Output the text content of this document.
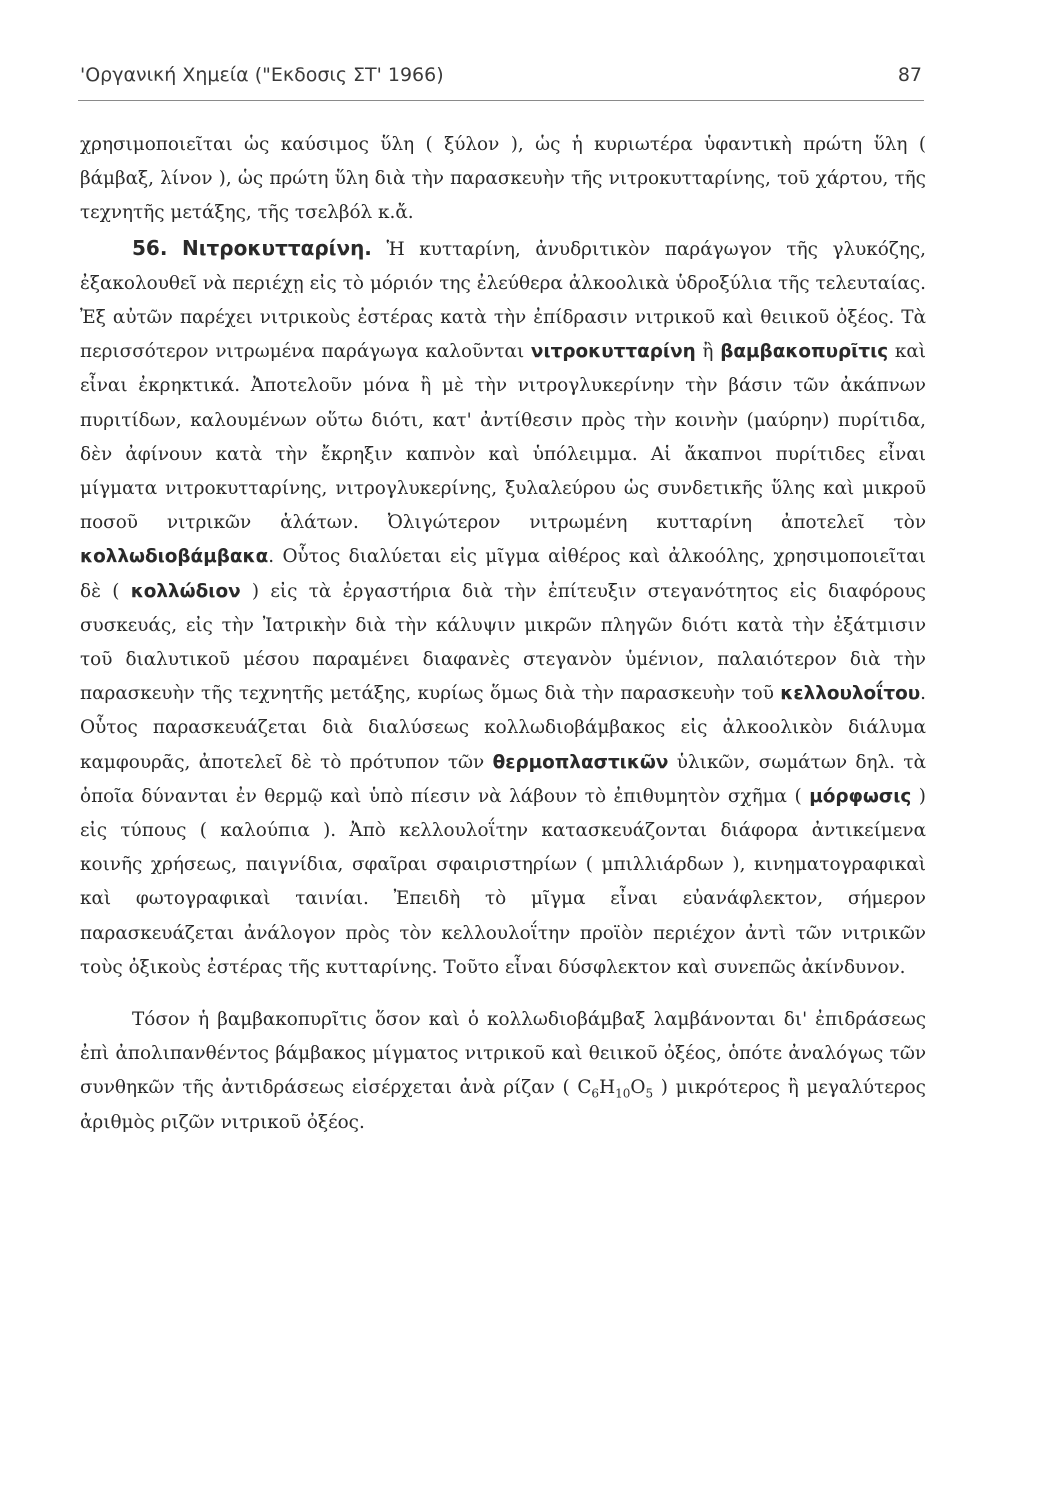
'Οργανική Χημεία ("Εκδοσις ΣΤ' 1966)	87

χρησιμοποιεῖται ὡς καύσιμος ὕλη ( ξύλον ), ὡς ἡ κυριωτέρα ὑφαντικὴ πρώτη ὕλη ( βάμβαξ, λίνον ), ὡς πρώτη ὕλη διὰ τὴν παρασκευὴν τῆς νιτροκυτταρίνης, τοῦ χάρτου, τῆς τεχνητῆς μετάξης, τῆς τσελβόλ κ.ἄ.

56. Νιτροκυτταρίνη. Ἡ κυτταρίνη, ἀνυδριτικὸν παράγωγον τῆς γλυκόζης, ἐξακολουθεῖ νὰ περιέχῃ εἰς τὸ μόριόν της ἐλεύθερα ἀλκοολικὰ ὑδροξύλια τῆς τελευταίας. Ἐξ αὐτῶν παρέχει νιτρικοὺς ἐστέρας κατὰ τὴν ἐπίδρασιν νιτρικοῦ καὶ θειικοῦ ὀξέος. Τὰ περισσότερον νιτρωμένα παράγωγα καλοῦνται νιτροκυτταρίνη ἢ βαμβακοπυρῖτις καὶ εἶναι ἐκρηκτικά. Ἀποτελοῦν μόνα ἢ μὲ τὴν νιτρογλυκερίνην τὴν βάσιν τῶν ἀκάπνων πυριτίδων, καλουμένων οὕτω διότι, κατ' ἀντίθεσιν πρὸς τὴν κοινὴν (μαύρην) πυρίτιδα, δὲν ἀφίνουν κατὰ τὴν ἔκρηξιν καπνὸν καὶ ὑπόλειμμα. Αἱ ἄκαπνοι πυρίτιδες εἶναι μίγματα νιτροκυτταρίνης, νιτρογλυκερίνης, ξυλαλεύρου ὡς συνδετικῆς ὕλης καὶ μικροῦ ποσοῦ νιτρικῶν ἁλάτων. Ὀλιγώτερον νιτρωμένη κυτταρίνη ἀποτελεῖ τὸν κολλωδιοβάμβακα. Οὗτος διαλύεται εἰς μῖγμα αἰθέρος καὶ ἀλκοόλης, χρησιμοποιεῖται δὲ ( κολλώδιον ) εἰς τὰ ἐργαστήρια διὰ τὴν ἐπίτευξιν στεγανότητος εἰς διαφόρους συσκευάς, εἰς τὴν Ἰατρικὴν διὰ τὴν κάλυψιν μικρῶν πληγῶν διότι κατὰ τὴν ἐξάτμισιν τοῦ διαλυτικοῦ μέσου παραμένει διαφανὲς στεγανὸν ὑμένιον, παλαιότερον διὰ τὴν παρασκευὴν τῆς τεχνητῆς μετάξης, κυρίως ὅμως διὰ τὴν παρασκευὴν τοῦ κελλουλοΐτου. Οὗτος παρασκευάζεται διὰ διαλύσεως κολλωδιοβάμβακος εἰς ἀλκοολικὸν διάλυμα καμφουρᾶς, ἀποτελεῖ δὲ τὸ πρότυπον τῶν θερμοπλαστικῶν ὑλικῶν, σωμάτων δηλ. τὰ ὁποῖα δύνανται ἐν θερμῷ καὶ ὑπὸ πίεσιν νὰ λάβουν τὸ ἐπιθυμητὸν σχῆμα ( μόρφωσις ) εἰς τύπους ( καλούπια ). Ἀπὸ κελλουλοΐτην κατασκευάζονται διάφορα ἀντικείμενα κοινῆς χρήσεως, παιγνίδια, σφαῖραι σφαιριστηρίων ( μπιλλιάρδων ), κινηματογραφικαὶ καὶ φωτογραφικαὶ ταινίαι. Ἐπειδὴ τὸ μῖγμα εἶναι εὐανάφλεκτον, σήμερον παρασκευάζεται ἀνάλογον πρὸς τὸν κελλουλοΐτην προϊὸν περιέχον ἀντὶ τῶν νιτρικῶν τοὺς ὀξικοὺς ἐστέρας τῆς κυτταρίνης. Τοῦτο εἶναι δύσφλεκτον καὶ συνεπῶς ἀκίνδυνον.

Τόσον ἡ βαμβακοπυρῖτις ὅσον καὶ ὁ κολλωδιοβάμβαξ λαμβάνονται δι' ἐπιδράσεως ἐπὶ ἀπολιπανθέντος βάμβακος μίγματος νιτρικοῦ καὶ θειικοῦ ὀξέος, ὁπότε ἀναλόγως τῶν συνθηκῶν τῆς ἀντιδράσεως εἰσέρχεται ἀνὰ ρίζαν ( $C_6H_{10}O_5$ ) μικρότερος ἢ μεγαλύτερος ἀριθμὸς ριζῶν νιτρικοῦ ὀξέος.
